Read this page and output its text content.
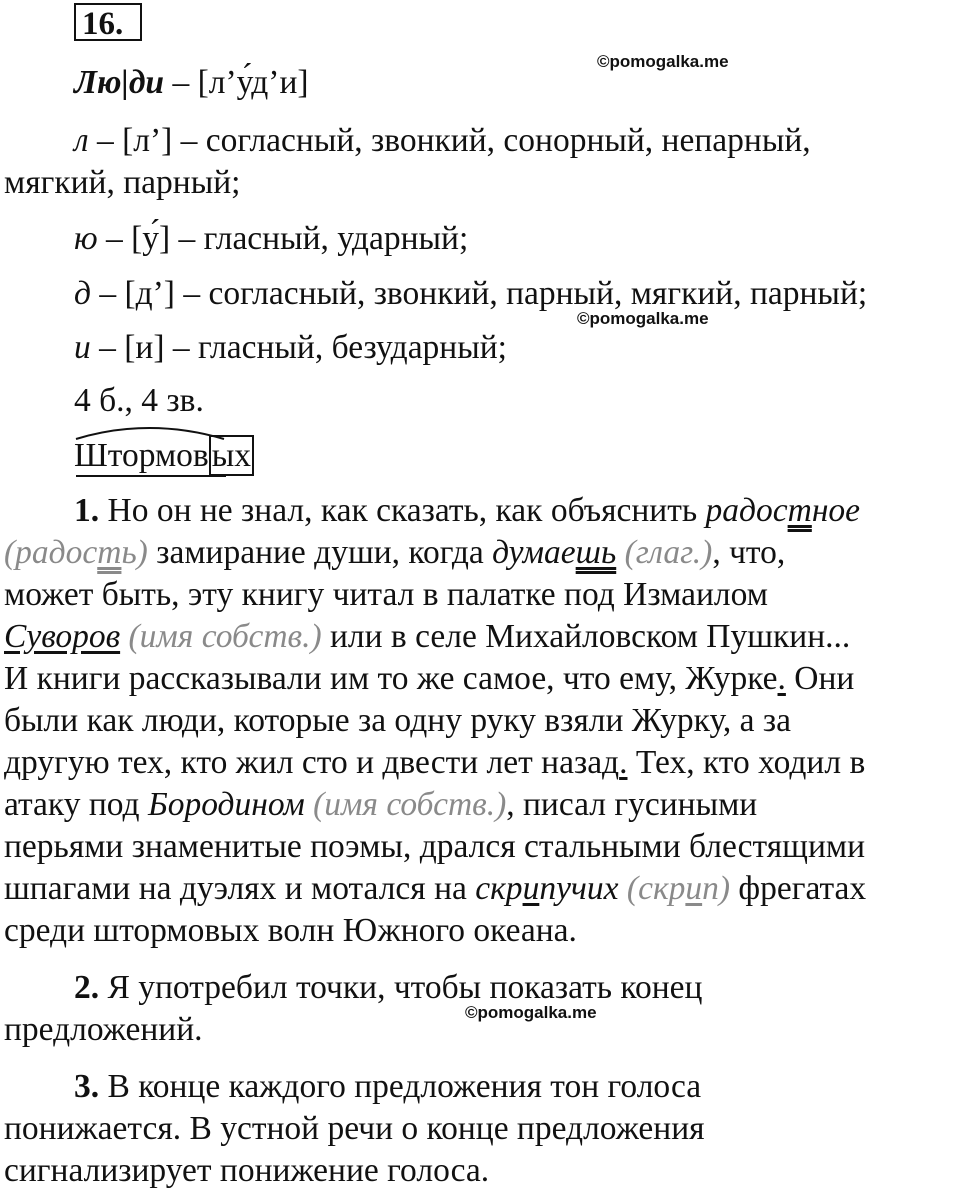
16.
©pomogalka.me
©pomogalka.me
©pomogalka.me
Лю|ди – [л’у́д’и]
л – [л’] – согласный, звонкий, сонорный, непарный,
мягкий, парный;
ю – [у́] – гласный, ударный;
д – [д’] – согласный, звонкий, парный, мягкий, парный;
и – [и] – гласный, безударный;
4 б., 4 зв.
Штормовых
1. Но он не знал, как сказать, как объяснить радостное
(радость) замирание души, когда думаешь (глаг.), что,
может быть, эту книгу читал в палатке под Измаилом
Суворов (имя собств.) или в селе Михайловском Пушкин...
И книги рассказывали им то же самое, что ему, Журке. Они
были как люди, которые за одну руку взяли Журку, а за
другую тех, кто жил сто и двести лет назад. Тех, кто ходил в
атаку под Бородином (имя собств.), писал гусиными
перьями знаменитые поэмы, дрался стальными блестящими
шпагами на дуэлях и мотался на скрипучих (скрип) фрегатах
среди штормовых волн Южного океана.
2. Я употребил точки, чтобы показать конец
предложений.
3. В конце каждого предложения тон голоса
понижается. В устной речи о конце предложения
сигнализирует понижение голоса.
